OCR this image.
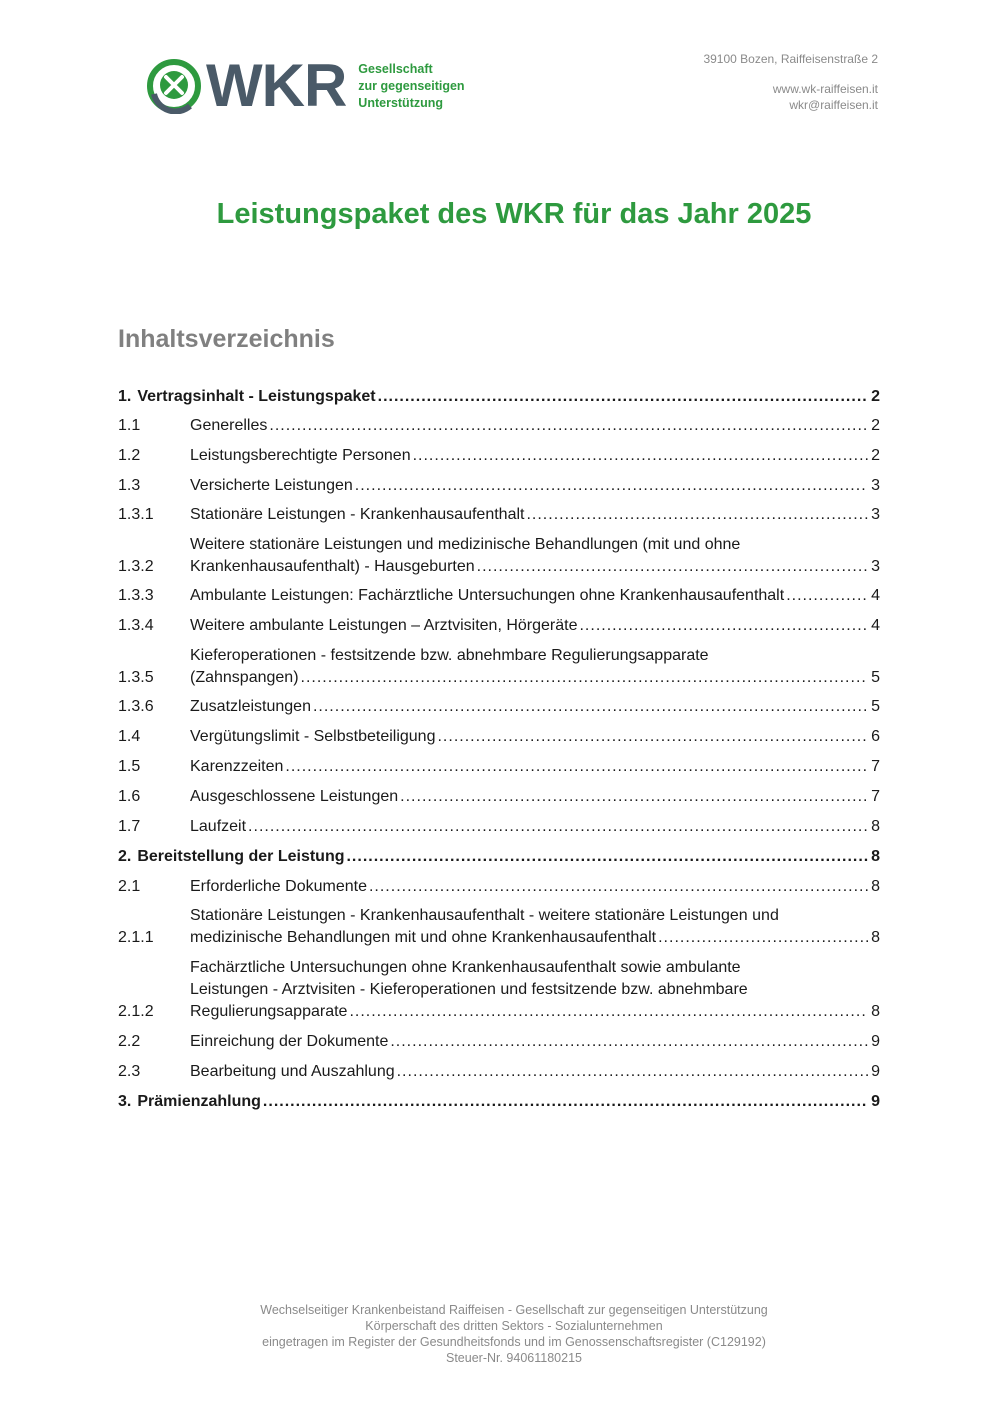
WKR Gesellschaft
zur gegenseitigen
Unterstützung
39100 Bozen, Raiffeisenstraße 2
www.wk-raiffeisen.it
wkr@raiffeisen.it
Leistungspaket des WKR für das Jahr 2025
Inhaltsverzeichnis
1. Vertragsinhalt - Leistungspaket .....	2
1.1	Generelles .....	2
1.2	Leistungsberechtigte Personen .....	2
1.3	Versicherte Leistungen .....	3
1.3.1	Stationäre Leistungen - Krankenhausaufenthalt .....	3
1.3.2
Weitere stationäre Leistungen und medizinische Behandlungen (mit und ohne
Krankenhausaufenthalt) - Hausgeburten .....	3
1.3.3	Ambulante Leistungen: Fachärztliche Untersuchungen ohne Krankenhausaufenthalt .....	4
1.3.4	Weitere ambulante Leistungen – Arztvisiten, Hörgeräte .....	4
1.3.5
Kieferoperationen - festsitzende bzw. abnehmbare Regulierungsapparate
(Zahnspangen) .....	5
1.3.6	Zusatzleistungen .....	5
1.4	Vergütungslimit - Selbstbeteiligung .....	6
1.5	Karenzzeiten .....	7
1.6	Ausgeschlossene Leistungen .....	7
1.7	Laufzeit .....	8
2. Bereitstellung der Leistung .....	8
2.1	Erforderliche Dokumente .....	8
2.1.1
Stationäre Leistungen - Krankenhausaufenthalt - weitere stationäre Leistungen und
medizinische Behandlungen mit und ohne Krankenhausaufenthalt .....	8
2.1.2
Fachärztliche Untersuchungen ohne Krankenhausaufenthalt sowie ambulante
Leistungen - Arztvisiten - Kieferoperationen und festsitzende bzw. abnehmbare
Regulierungsapparate .....	8
2.2	Einreichung der Dokumente .....	9
2.3	Bearbeitung und Auszahlung .....	9
3. Prämienzahlung .....	9
Wechselseitiger Krankenbeistand Raiffeisen - Gesellschaft zur gegenseitigen Unterstützung
Körperschaft des dritten Sektors - Sozialunternehmen
eingetragen im Register der Gesundheitsfonds und im Genossenschaftsregister (C129192)
Steuer-Nr. 94061180215
